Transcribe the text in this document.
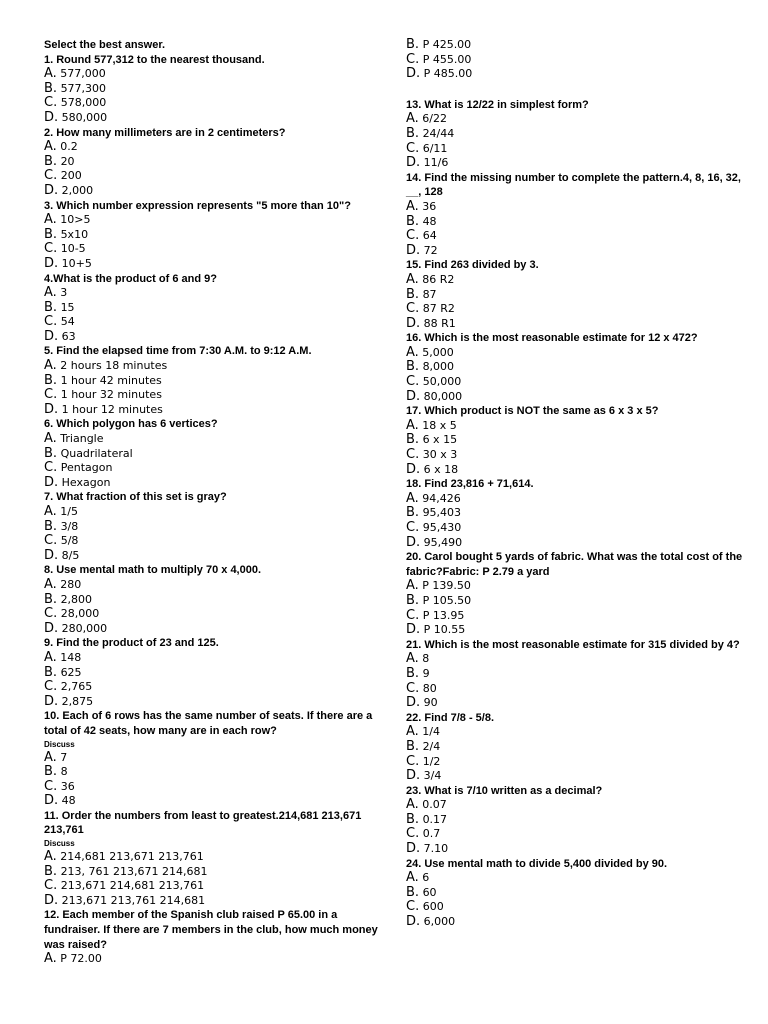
Select the best answer.
1. Round 577,312 to the nearest thousand.
A. 577,000
B. 577,300
C. 578,000
D. 580,000
2. How many millimeters are in 2 centimeters?
A. 0.2
B. 20
C. 200
D. 2,000
3. Which number expression represents "5 more than 10"?
A. 10>5
B. 5x10
C. 10-5
D. 10+5
4.What is the product of 6 and 9?
A. 3
B. 15
C. 54
D. 63
5. Find the elapsed time from 7:30 A.M. to 9:12 A.M.
A. 2 hours 18 minutes
B. 1 hour 42 minutes
C. 1 hour 32 minutes
D. 1 hour 12 minutes
6. Which polygon has 6 vertices?
A. Triangle
B. Quadrilateral
C. Pentagon
D. Hexagon
7. What fraction of this set is gray?
A. 1/5
B. 3/8
C. 5/8
D. 8/5
8. Use mental math to multiply 70 x 4,000.
A. 280
B. 2,800
C. 28,000
D. 280,000
9. Find the product of 23 and 125.
A. 148
B. 625
C. 2,765
D. 2,875
10. Each of 6 rows has the same number of seats. If there are a total of 42 seats, how many are in each row?
Discuss
A. 7
B. 8
C. 36
D. 48
11. Order the numbers from least to greatest.214,681 213,671 213,761
Discuss
A. 214,681 213,671 213,761
B. 213, 761 213,671 214,681
C. 213,671 214,681 213,761
D. 213,671 213,761 214,681
12. Each member of the Spanish club raised P 65.00 in a fundraiser. If there are 7 members in the club, how much money was raised?
A. P 72.00
B. P 425.00
C. P 455.00
D. P 485.00
13. What is 12/22 in simplest form?
A. 6/22
B. 24/44
C. 6/11
D. 11/6
14. Find the missing number to complete the pattern.4, 8, 16, 32, __, 128
A. 36
B. 48
C. 64
D. 72
15. Find 263 divided by 3.
A. 86 R2
B. 87
C. 87 R2
D. 88 R1
16. Which is the most reasonable estimate for 12 x 472?
A. 5,000
B. 8,000
C. 50,000
D. 80,000
17. Which product is NOT the same as 6 x 3 x 5?
A. 18 x 5
B. 6 x 15
C. 30 x 3
D. 6 x 18
18. Find 23,816 + 71,614.
A. 94,426
B. 95,403
C. 95,430
D. 95,490
20. Carol bought 5 yards of fabric. What was the total cost of the fabric?Fabric: P 2.79 a yard
A. P 139.50
B. P 105.50
C. P 13.95
D. P 10.55
21. Which is the most reasonable estimate for 315 divided by 4?
A. 8
B. 9
C. 80
D. 90
22. Find 7/8 - 5/8.
A. 1/4
B. 2/4
C. 1/2
D. 3/4
23. What is 7/10 written as a decimal?
A. 0.07
B. 0.17
C. 0.7
D. 7.10
24. Use mental math to divide 5,400 divided by 90.
A. 6
B. 60
C. 600
D. 6,000
